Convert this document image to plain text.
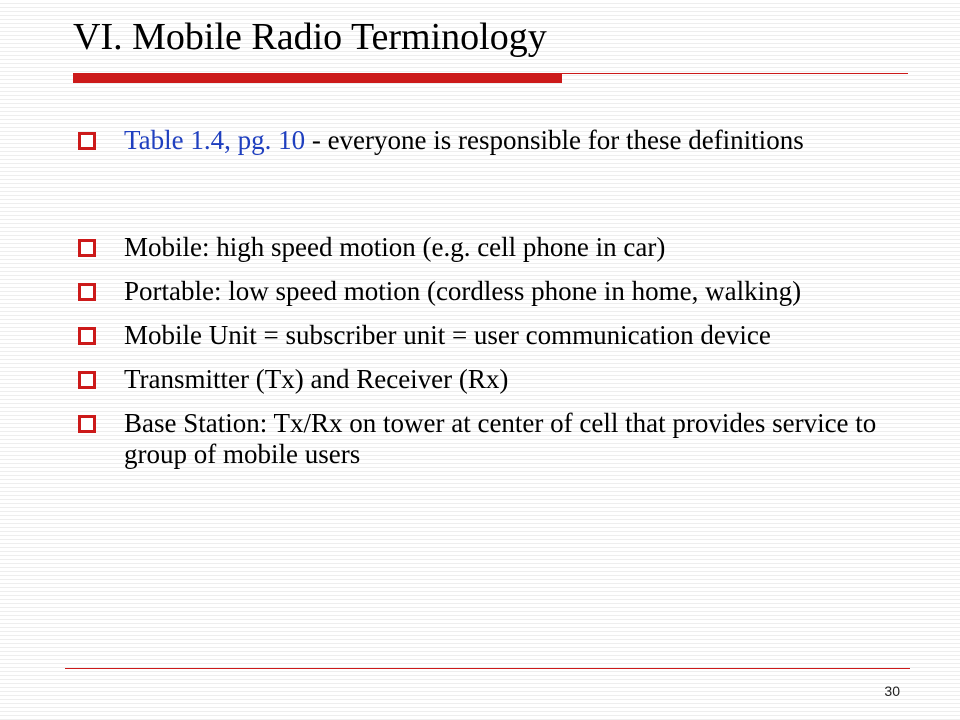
VI. Mobile Radio Terminology
Table 1.4, pg. 10 - everyone is responsible for these definitions
Mobile: high speed motion (e.g. cell phone in car)
Portable: low speed motion (cordless phone in home, walking)
Mobile Unit = subscriber unit = user communication device
Transmitter (Tx) and Receiver (Rx)
Base Station: Tx/Rx on tower at center of cell that provides service to group of mobile users
30
